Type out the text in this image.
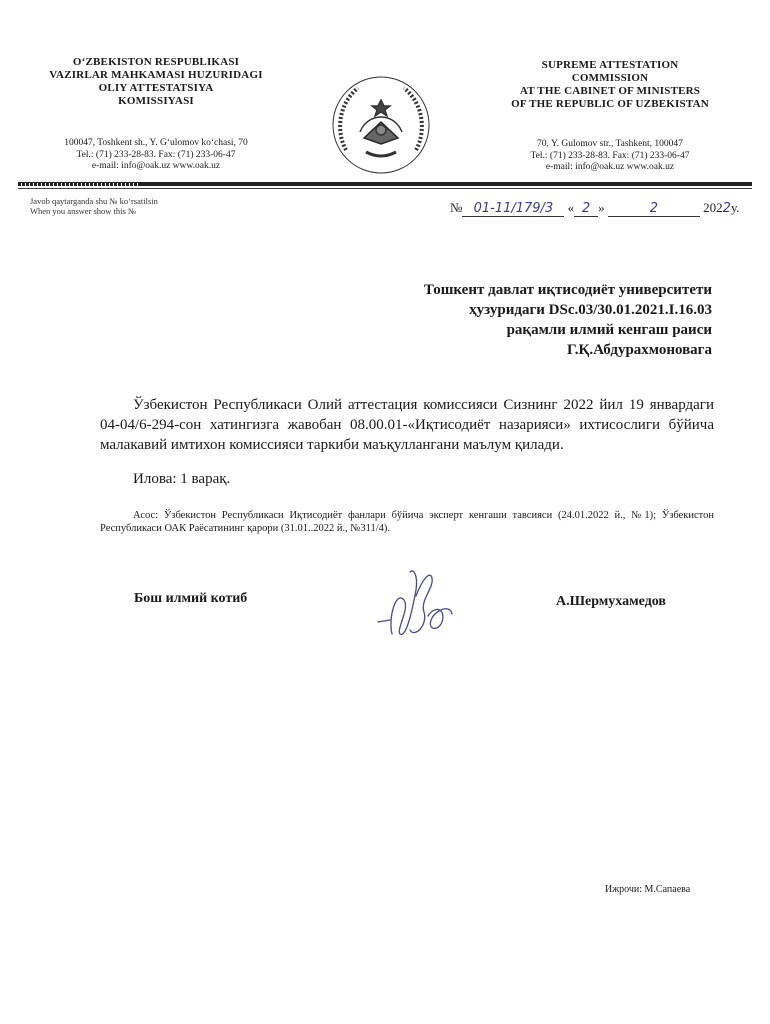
O‘ZBEKISTON RESPUBLIKASI
VAZIRLAR MAHKAMASI HUZURIDAGI
OLIY ATTESTATSIYA
KOMISSIYASI
100047, Toshkent sh., Y. G‘ulomov ko‘chasi, 70
Tel.: (71) 233-28-83. Fax: (71) 233-06-47
e-mail: info@oak.uz www.oak.uz
SUPREME ATTESTATION
COMMISSION
AT THE CABINET OF MINISTERS
OF THE REPUBLIC OF UZBEKISTAN
70, Y. Gulomov str., Tashkent, 100047
Tel.: (71) 233-28-83. Fax: (71) 233-06-47
e-mail: info@oak.uz www.oak.uz
Javob qaytarganda shu № ko‘rsatilsin
When you answer show this №	№ 01-11/179/3 « 2 »	2	2022у.
Тошкент давлат иқтисодиёт университети
ҳузуридаги DSc.03/30.01.2021.I.16.03
рақамли илмий кенгаш раиси
Г.Қ.Абдурахмоновага

Ўзбекистон Республикаси Олий аттестация комиссияси Сизнинг 2022 йил 19 январдаги 04-04/6-294-сон хатингизга жавобан 08.00.01-«Иқтисодиёт назарияси» ихтисослиги бўйича малакавий имтихон комиссияси таркиби маъқуллангани маълум қилади.

Илова: 1 варақ.
Асос: Ўзбекистон Республикаси Иқтисодиёт фанлари бўйича эксперт кенгаши тавсияси (24.01.2022 й., №1); Ўзбекистон Республикаси ОАК Раёсатининг қарори (31.01..2022 й., №311/4).
Бош илмий котиб	А.Шермухамедов
Ижрочи: М.Сапаева
